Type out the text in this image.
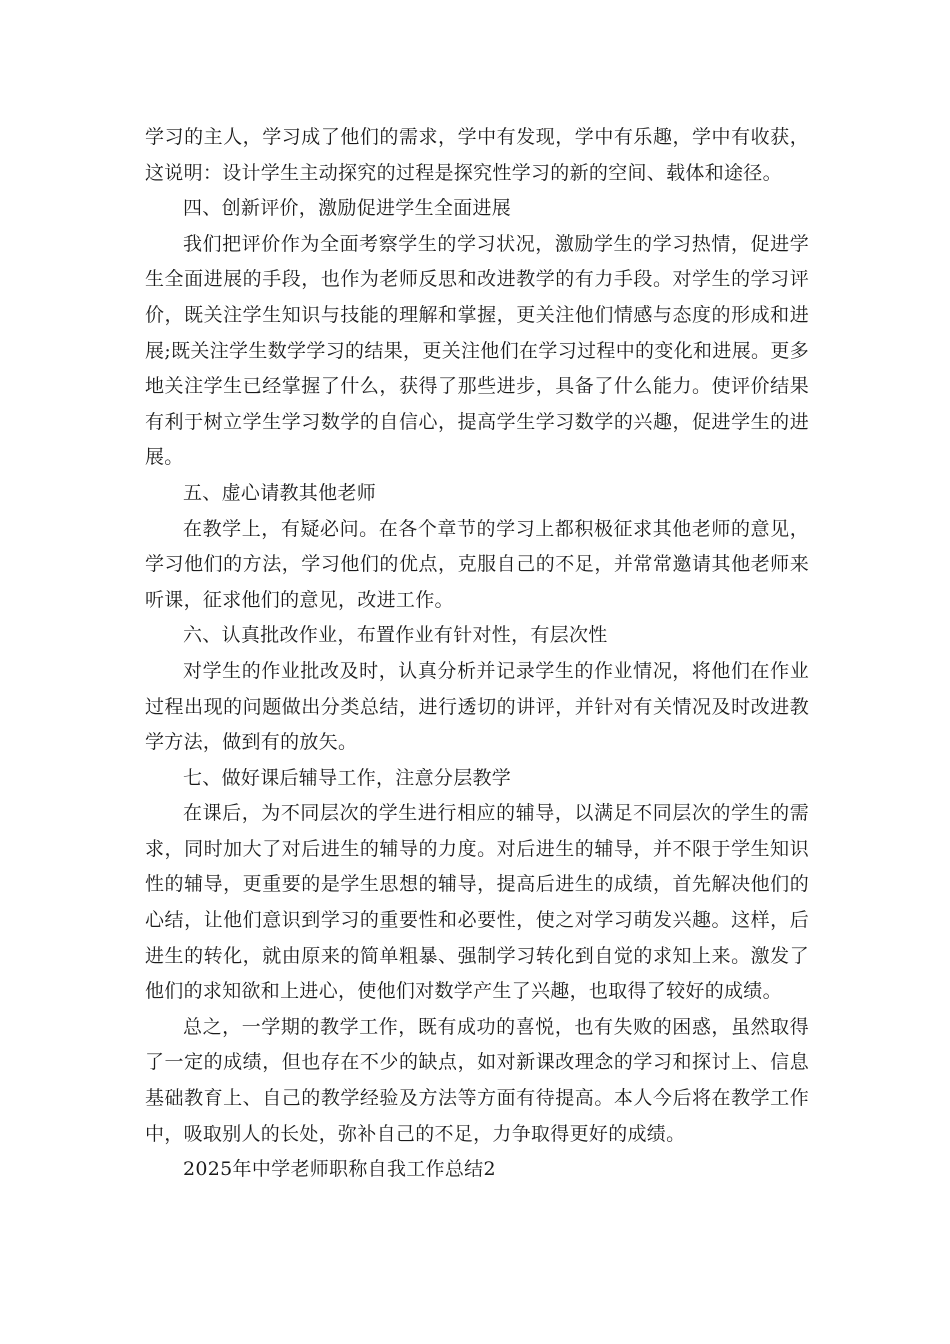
学习的主人，学习成了他们的需求，学中有发现，学中有乐趣，学中有收获，这说明：设计学生主动探究的过程是探究性学习的新的空间、载体和途径。

四、创新评价，激励促进学生全面进展

我们把评价作为全面考察学生的学习状况，激励学生的学习热情，促进学生全面进展的手段，也作为老师反思和改进教学的有力手段。对学生的学习评价，既关注学生知识与技能的理解和掌握，更关注他们情感与态度的形成和进展;既关注学生数学学习的结果，更关注他们在学习过程中的变化和进展。更多地关注学生已经掌握了什么，获得了那些进步，具备了什么能力。使评价结果有利于树立学生学习数学的自信心，提高学生学习数学的兴趣，促进学生的进展。

五、虚心请教其他老师

在教学上，有疑必问。在各个章节的学习上都积极征求其他老师的意见，学习他们的方法，学习他们的优点，克服自己的不足，并常常邀请其他老师来听课，征求他们的意见，改进工作。

六、认真批改作业，布置作业有针对性，有层次性

对学生的作业批改及时，认真分析并记录学生的作业情况，将他们在作业过程出现的问题做出分类总结，进行透切的讲评，并针对有关情况及时改进教学方法，做到有的放矢。

七、做好课后辅导工作，注意分层教学

在课后，为不同层次的学生进行相应的辅导，以满足不同层次的学生的需求，同时加大了对后进生的辅导的力度。对后进生的辅导，并不限于学生知识性的辅导，更重要的是学生思想的辅导，提高后进生的成绩，首先解决他们的心结，让他们意识到学习的重要性和必要性，使之对学习萌发兴趣。这样，后进生的转化，就由原来的简单粗暴、强制学习转化到自觉的求知上来。激发了他们的求知欲和上进心，使他们对数学产生了兴趣，也取得了较好的成绩。

总之，一学期的教学工作，既有成功的喜悦，也有失败的困惑，虽然取得了一定的成绩，但也存在不少的缺点，如对新课改理念的学习和探讨上、信息基础教育上、自己的教学经验及方法等方面有待提高。本人今后将在教学工作中，吸取别人的长处，弥补自己的不足，力争取得更好的成绩。

2025年中学老师职称自我工作总结2
